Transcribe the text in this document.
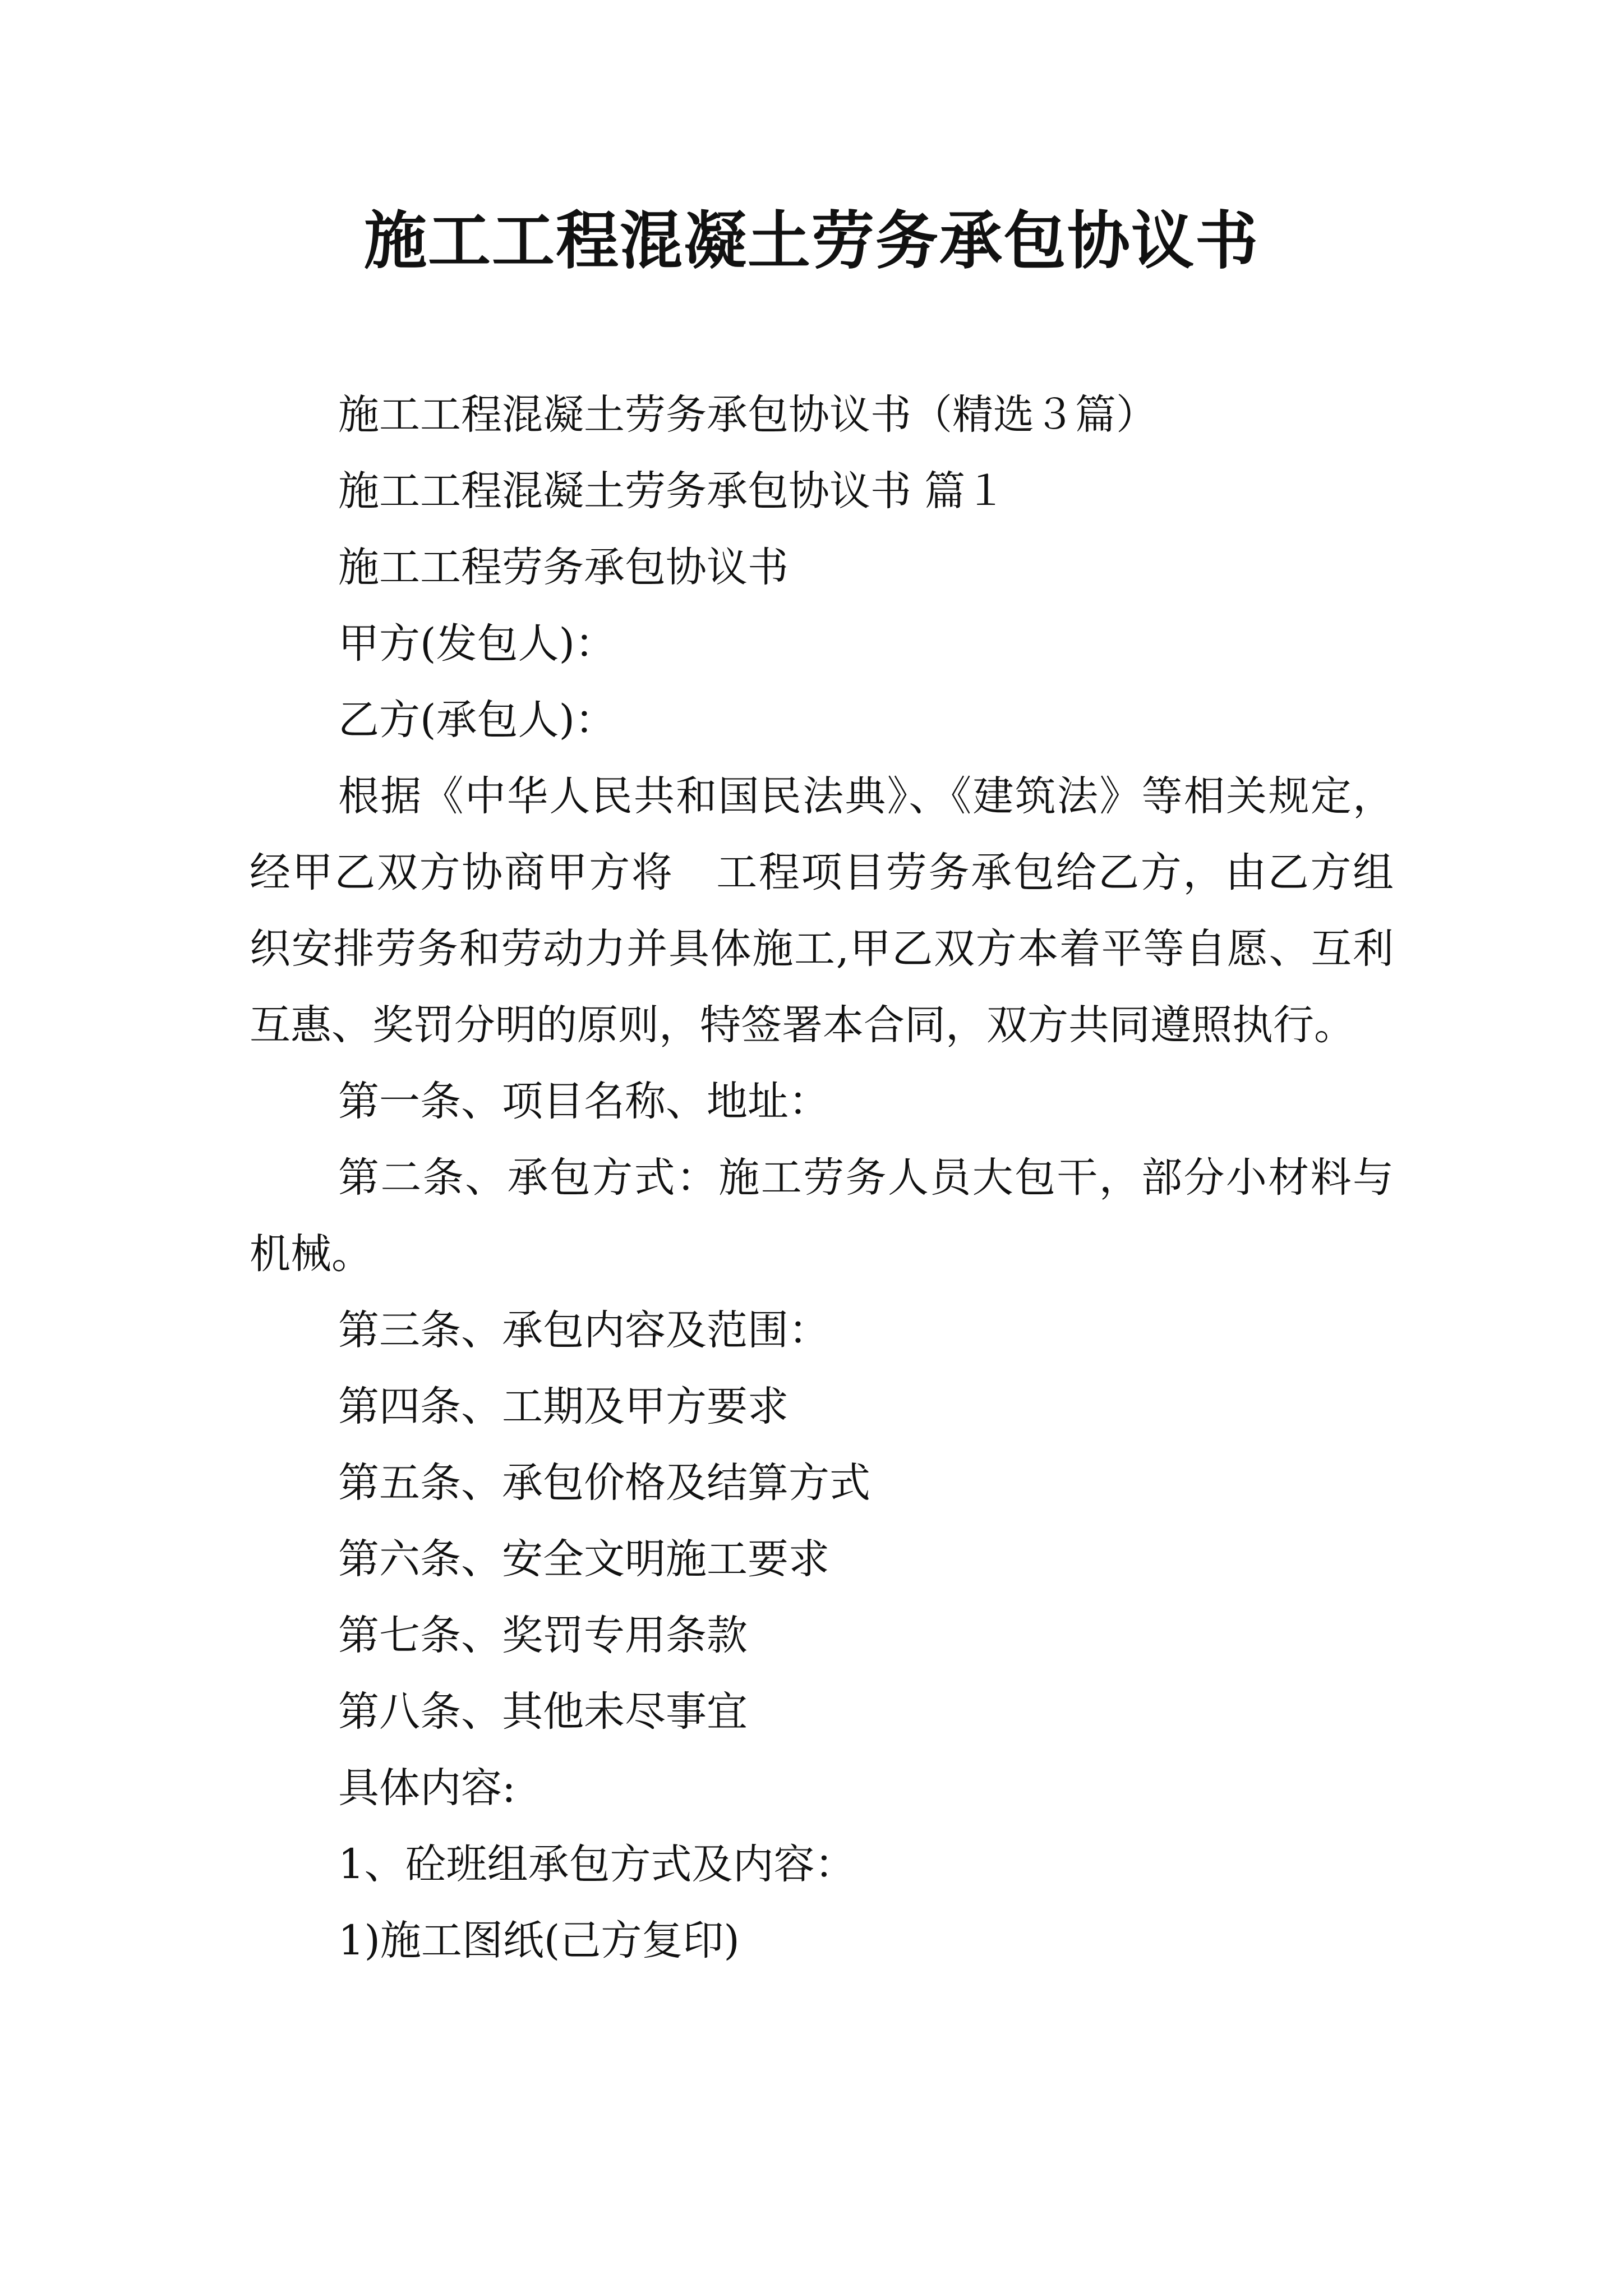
施工工程混凝土劳务承包协议书

施工工程混凝土劳务承包协议书（精选３篇）

施工工程混凝土劳务承包协议书 篇１

施工工程劳务承包协议书

甲方(发包人)：

乙方(承包人)：

根据《中华人民共和国民法典》、《建筑法》等相关规定，经甲乙双方协商甲方将　工程项目劳务承包给乙方，由乙方组织安排劳务和劳动力并具体施工,甲乙双方本着平等自愿、互利互惠、奖罚分明的原则，特签署本合同，双方共同遵照执行。

第一条、项目名称、地址：

第二条、承包方式：施工劳务人员大包干，部分小材料与机械。

第三条、承包内容及范围：

第四条、工期及甲方要求

第五条、承包价格及结算方式

第六条、安全文明施工要求

第七条、奖罚专用条款

第八条、其他未尽事宜

具体内容:

1、砼班组承包方式及内容：

1)施工图纸(己方复印)
